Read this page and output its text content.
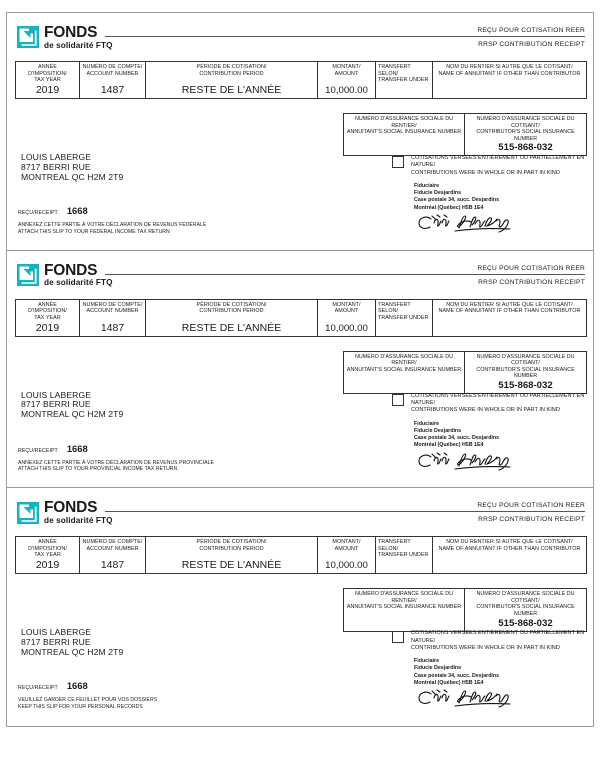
FONDS
de solidarité FTQ
REÇU POUR COTISATION REER
RRSP CONTRIBUTION RECEIPT
ANNÉE D'IMPOSITION/
TAX YEAR
2019
NUMÉRO DE COMPTE/
ACCOUNT NUMBER
1487
PÉRIODE DE COTISATION/
CONTRIBUTION PERIOD
RESTE DE L'ANNÉE
MONTANT/
AMOUNT
10,000.00
TRANSFERT SELON/
TRANSFER UNDER
NOM DU RENTIER SI AUTRE QUE LE COTISANT/
NAME OF ANNUITANT IF OTHER THAN CONTRIBUTOR
NUMÉRO D'ASSURANCE SOCIALE DU RENTIER/
ANNUITANT'S SOCIAL INSURANCE NUMBER
NUMÉRO D'ASSURANCE SOCIALE DU COTISANT/
CONTRIBUTOR'S SOCIAL INSURANCE NUMBER
515-868-032
LOUIS LABERGE
8717 BERRI RUE
MONTREAL QC H2M 2T9
COTISATIONS VERSÉES ENTIÈREMENT OU PARTIELLEMENT EN NATURE/
CONTRIBUTIONS WERE IN WHOLE OR IN PART IN KIND
Fiduciaire
Fiducie Desjardins
Case postale 34, succ. Desjardins
Montréal (Québec) H5B 1E4
REÇU/RECEIPT 1668
ANNEXEZ CETTE PARTIE À VOTRE DÉCLARATION DE REVENUS FÉDÉRALE
ATTACH THIS SLIP TO YOUR FEDERAL INCOME TAX RETURN
FONDS
de solidarité FTQ
REÇU POUR COTISATION REER
RRSP CONTRIBUTION RECEIPT
ANNÉE D'IMPOSITION/
TAX YEAR
2019
NUMÉRO DE COMPTE/
ACCOUNT NUMBER
1487
PÉRIODE DE COTISATION/
CONTRIBUTION PERIOD
RESTE DE L'ANNÉE
MONTANT/
AMOUNT
10,000.00
TRANSFERT SELON/
TRANSFER UNDER
NOM DU RENTIER SI AUTRE QUE LE COTISANT/
NAME OF ANNUITANT IF OTHER THAN CONTRIBUTOR
NUMÉRO D'ASSURANCE SOCIALE DU RENTIER/
ANNUITANT'S SOCIAL INSURANCE NUMBER
NUMÉRO D'ASSURANCE SOCIALE DU COTISANT/
CONTRIBUTOR'S SOCIAL INSURANCE NUMBER
515-868-032
LOUIS LABERGE
8717 BERRI RUE
MONTREAL QC H2M 2T9
COTISATIONS VERSÉES ENTIÈREMENT OU PARTIELLEMENT EN NATURE/
CONTRIBUTIONS WERE IN WHOLE OR IN PART IN KIND
Fiduciaire
Fiducie Desjardins
Case postale 34, succ. Desjardins
Montréal (Québec) H5B 1E4
REÇU/RECEIPT 1668
ANNEXEZ CETTE PARTIE À VOTRE DÉCLARATION DE REVENUS PROVINCIALE
ATTACH THIS SLIP TO YOUR PROVINCIAL INCOME TAX RETURN
FONDS
de solidarité FTQ
REÇU POUR COTISATION REER
RRSP CONTRIBUTION RECEIPT
ANNÉE D'IMPOSITION/
TAX YEAR
2019
NUMÉRO DE COMPTE/
ACCOUNT NUMBER
1487
PÉRIODE DE COTISATION/
CONTRIBUTION PERIOD
RESTE DE L'ANNÉE
MONTANT/
AMOUNT
10,000.00
TRANSFERT SELON/
TRANSFER UNDER
NOM DU RENTIER SI AUTRE QUE LE COTISANT/
NAME OF ANNUITANT IF OTHER THAN CONTRIBUTOR
NUMÉRO D'ASSURANCE SOCIALE DU RENTIER/
ANNUITANT'S SOCIAL INSURANCE NUMBER
NUMÉRO D'ASSURANCE SOCIALE DU COTISANT/
CONTRIBUTOR'S SOCIAL INSURANCE NUMBER
515-868-032
LOUIS LABERGE
8717 BERRI RUE
MONTREAL QC H2M 2T9
COTISATIONS VERSÉES ENTIÈREMENT OU PARTIELLEMENT EN NATURE/
CONTRIBUTIONS WERE IN WHOLE OR IN PART IN KIND
Fiduciaire
Fiducie Desjardins
Case postale 34, succ. Desjardins
Montréal (Québec) H5B 1E4
REÇU/RECEIPT 1668
VEUILLEZ GARDER CE FEUILLET POUR VOS DOSSIERS
KEEP THIS SLIP FOR YOUR PERSONAL RECORDS
